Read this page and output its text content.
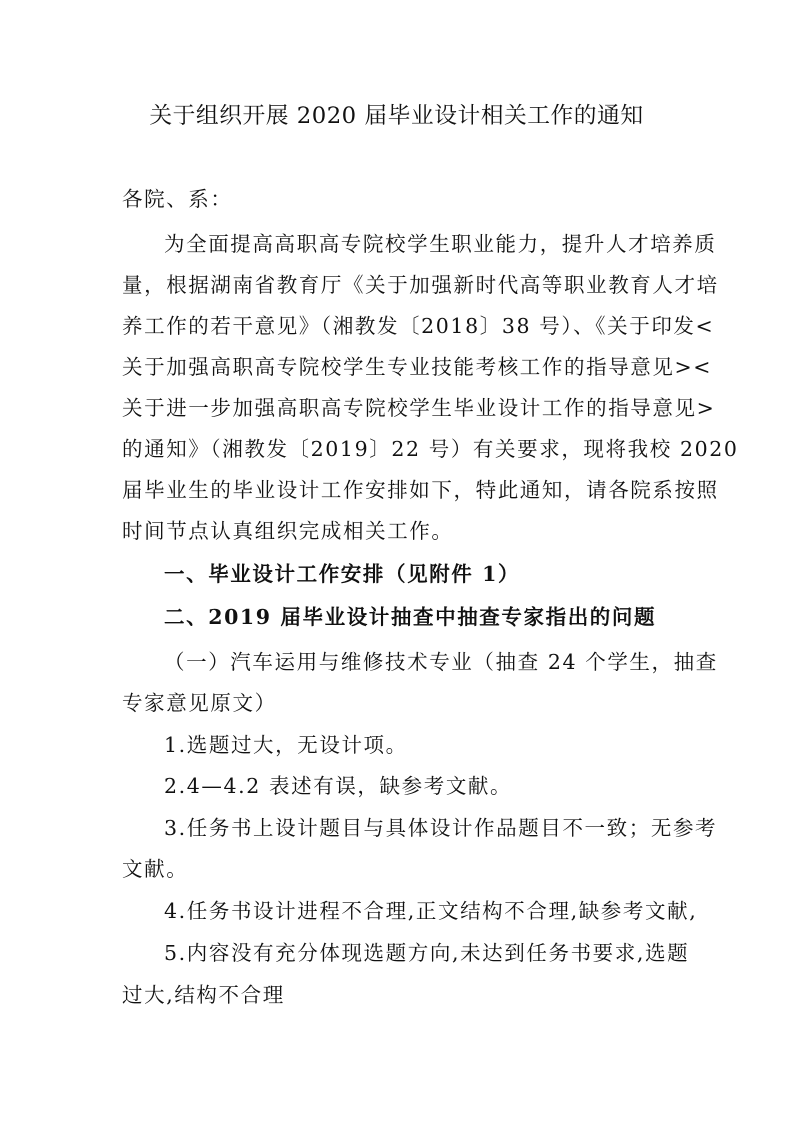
关于组织开展 2020 届毕业设计相关工作的通知
各院、系：
为全面提高高职高专院校学生职业能力，提升人才培养质
量，根据湖南省教育厅《关于加强新时代高等职业教育人才培
养工作的若干意见》（湘教发〔2018〕38 号）、《关于印发<
关于加强高职高专院校学生专业技能考核工作的指导意见><
关于进一步加强高职高专院校学生毕业设计工作的指导意见>
的通知》（湘教发〔2019〕22 号）有关要求，现将我校 2020
届毕业生的毕业设计工作安排如下，特此通知，请各院系按照
时间节点认真组织完成相关工作。
一、毕业设计工作安排（见附件 1）
二、2019 届毕业设计抽查中抽查专家指出的问题
（一）汽车运用与维修技术专业（抽查 24 个学生，抽查
专家意见原文）
1.选题过大，无设计项。
2.4—4.2 表述有误，缺参考文献。
3.任务书上设计题目与具体设计作品题目不一致；无参考
文献。
4.任务书设计进程不合理,正文结构不合理,缺参考文献,
5.内容没有充分体现选题方向,未达到任务书要求,选题
过大,结构不合理
